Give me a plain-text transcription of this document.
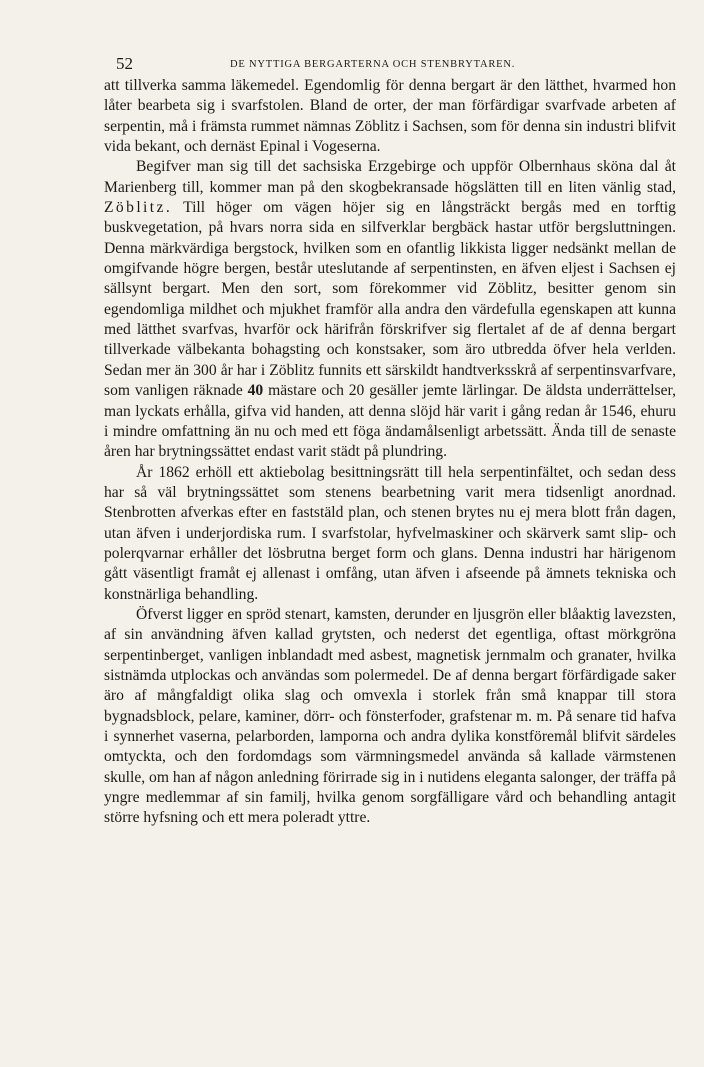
52	DE NYTTIGA BERGARTERNA OCH STENBRYTAREN.

att tillverka samma läkemedel. Egendomlig för denna bergart är den lätthet, hvarmed hon låter bearbeta sig i svarfstolen. Bland de orter, der man förfärdigar svarfvade arbeten af serpentin, må i främsta rummet nämnas Zöblitz i Sachsen, som för denna sin industri blifvit vida bekant, och dernäst Epinal i Vogeserna.

Begifver man sig till det sachsiska Erzgebirge och uppför Olbernhaus sköna dal åt Marienberg till, kommer man på den skogbekransade högslätten till en liten vänlig stad, Zöblitz. Till höger om vägen höjer sig en långsträckt bergås med en torftig buskvegetation, på hvars norra sida en silfverklar bergbäck hastar utför bergsluttningen. Denna märkvärdiga bergstock, hvilken som en ofantlig likkista ligger nedsänkt mellan de omgifvande högre bergen, består uteslutande af serpentinsten, en äfven eljest i Sachsen ej sällsynt bergart. Men den sort, som förekommer vid Zöblitz, besitter genom sin egendomliga mildhet och mjukhet framför alla andra den värdefulla egenskapen att kunna med lätthet svarfvas, hvarför ock härifrån förskrifver sig flertalet af de af denna bergart tillverkade välbekanta bohagsting och konstsaker, som äro utbredda öfver hela verlden. Sedan mer än 300 år har i Zöblitz funnits ett särskildt handtverksskrå af serpentinsvarfvare, som vanligen räknade 40 mästare och 20 gesäller jemte lärlingar. De äldsta underrättelser, man lyckats erhålla, gifva vid handen, att denna slöjd här varit i gång redan år 1546, ehuru i mindre omfattning än nu och med ett föga ändamålsenligt arbetssätt. Ända till de senaste åren har brytningssättet endast varit städt på plundring.

År 1862 erhöll ett aktiebolag besittningsrätt till hela serpentinfältet, och sedan dess har så väl brytningssättet som stenens bearbetning varit mera tidsenligt anordnad. Stenbrotten afverkas efter en faststäld plan, och stenen brytes nu ej mera blott från dagen, utan äfven i underjordiska rum. I svarfstolar, hyfvelmaskiner och skärverk samt slip- och polerqvarnar erhåller det lösbrutna berget form och glans. Denna industri har härigenom gått väsentligt framåt ej allenast i omfång, utan äfven i afseende på ämnets tekniska och konstnärliga behandling.

Öfverst ligger en spröd stenart, kamsten, derunder en ljusgrön eller blåaktig lavezsten, af sin användning äfven kallad grytsten, och nederst det egentliga, oftast mörkgröna serpentinberget, vanligen inblandadt med asbest, magnetisk jernmalm och granater, hvilka sistnämda utplockas och användas som polermedel. De af denna bergart förfärdigade saker äro af mångfaldigt olika slag och omvexla i storlek från små knappar till stora bygnadsblock, pelare, kaminer, dörr- och fönsterfoder, grafstenar m. m. På senare tid hafva i synnerhet vaserna, pelarborden, lamporna och andra dylika konstföremål blifvit särdeles omtyckta, och den fordomdags som värmningsmedel använda så kallade värmstenen skulle, om han af någon anledning förirrade sig in i nutidens eleganta salonger, der träffa på yngre medlemmar af sin familj, hvilka genom sorgfälligare vård och behandling antagit större hyfsning och ett mera poleradt yttre.
